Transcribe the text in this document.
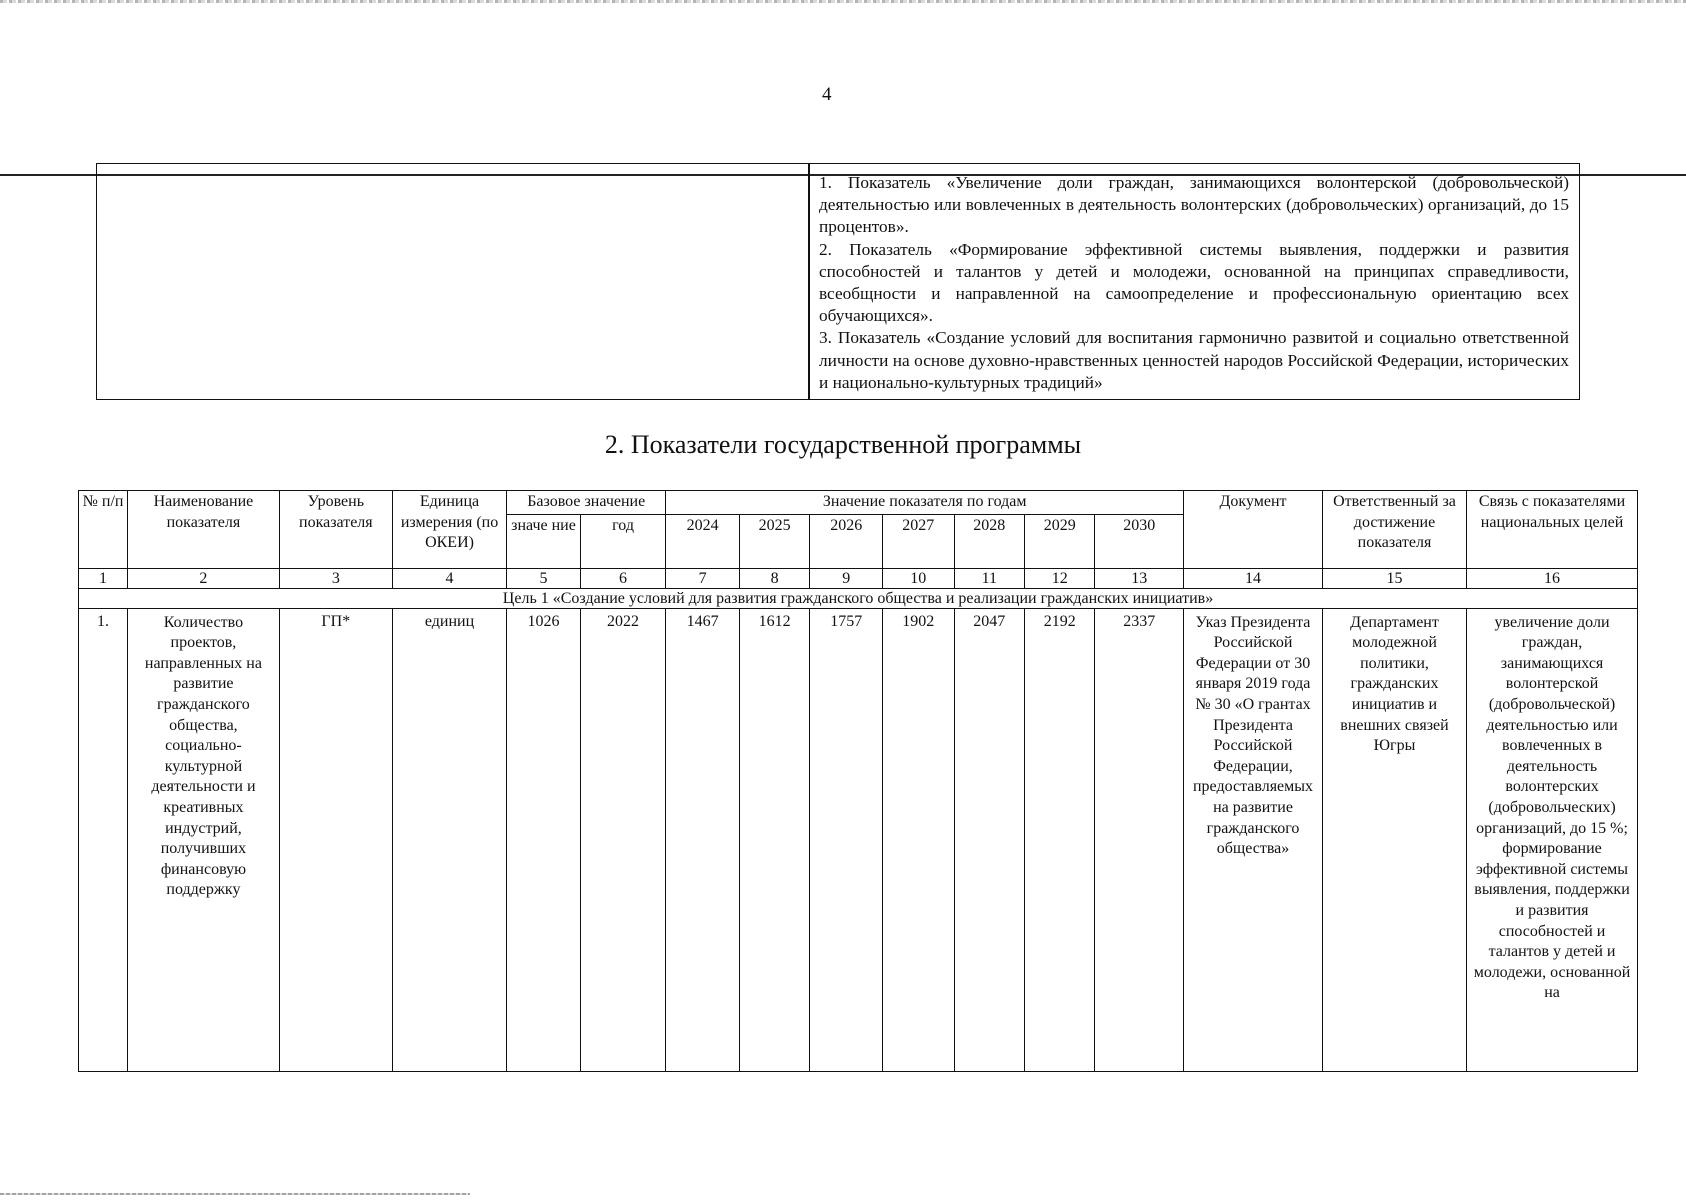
4

1. Показатель «Увеличение доли граждан, занимающихся волонтерской (добровольческой) деятельностью или вовлеченных в деятельность волонтерских (добровольческих) организаций, до 15 процентов».

2. Показатель «Формирование эффективной системы выявления, поддержки и развития способностей и талантов у детей и молодежи, основанной на принципах справедливости, всеобщности и направленной на самоопределение и профессиональную ориентацию всех обучающихся».

3. Показатель «Создание условий для воспитания гармонично развитой и социально ответственной личности на основе духовно-нравственных ценностей народов Российской Федерации, исторических и национально-культурных традиций»

2. Показатели государственной программы
№ п/п	Наименование показателя	Уровень показателя	Единица измерения (по ОКЕИ)	Базовое значение		Значение показателя по годам							Документ	Ответственный за достижение показателя	Связь с показателями национальных целей
				значе ние	год	2024	2025	2026	2027	2028	2029	2030			
1	2	3	4	5	6	7	8	9	10	11	12	13	14	15	16
Цель 1 «Создание условий для развития гражданского общества и реализации гражданских инициатив»															
1.	Количество проектов, направленных на развитие гражданского общества, социально-культурной деятельности и креативных индустрий, получивших финансовую поддержку	ГП*	единиц	1026	2022	1467	1612	1757	1902	2047	2192	2337	Указ Президента Российской Федерации от 30 января 2019 года № 30 «О грантах Президента Российской Федерации, предоставляемых на развитие гражданского общества»	Департамент молодежной политики, гражданских инициатив и внешних связей Югры	увеличение доли граждан, занимающихся волонтерской (добровольческой) деятельностью или вовлеченных в деятельность волонтерских (добровольческих) организаций, до 15 %; формирование эффективной системы выявления, поддержки и развития способностей и талантов у детей и молодежи, основанной на
